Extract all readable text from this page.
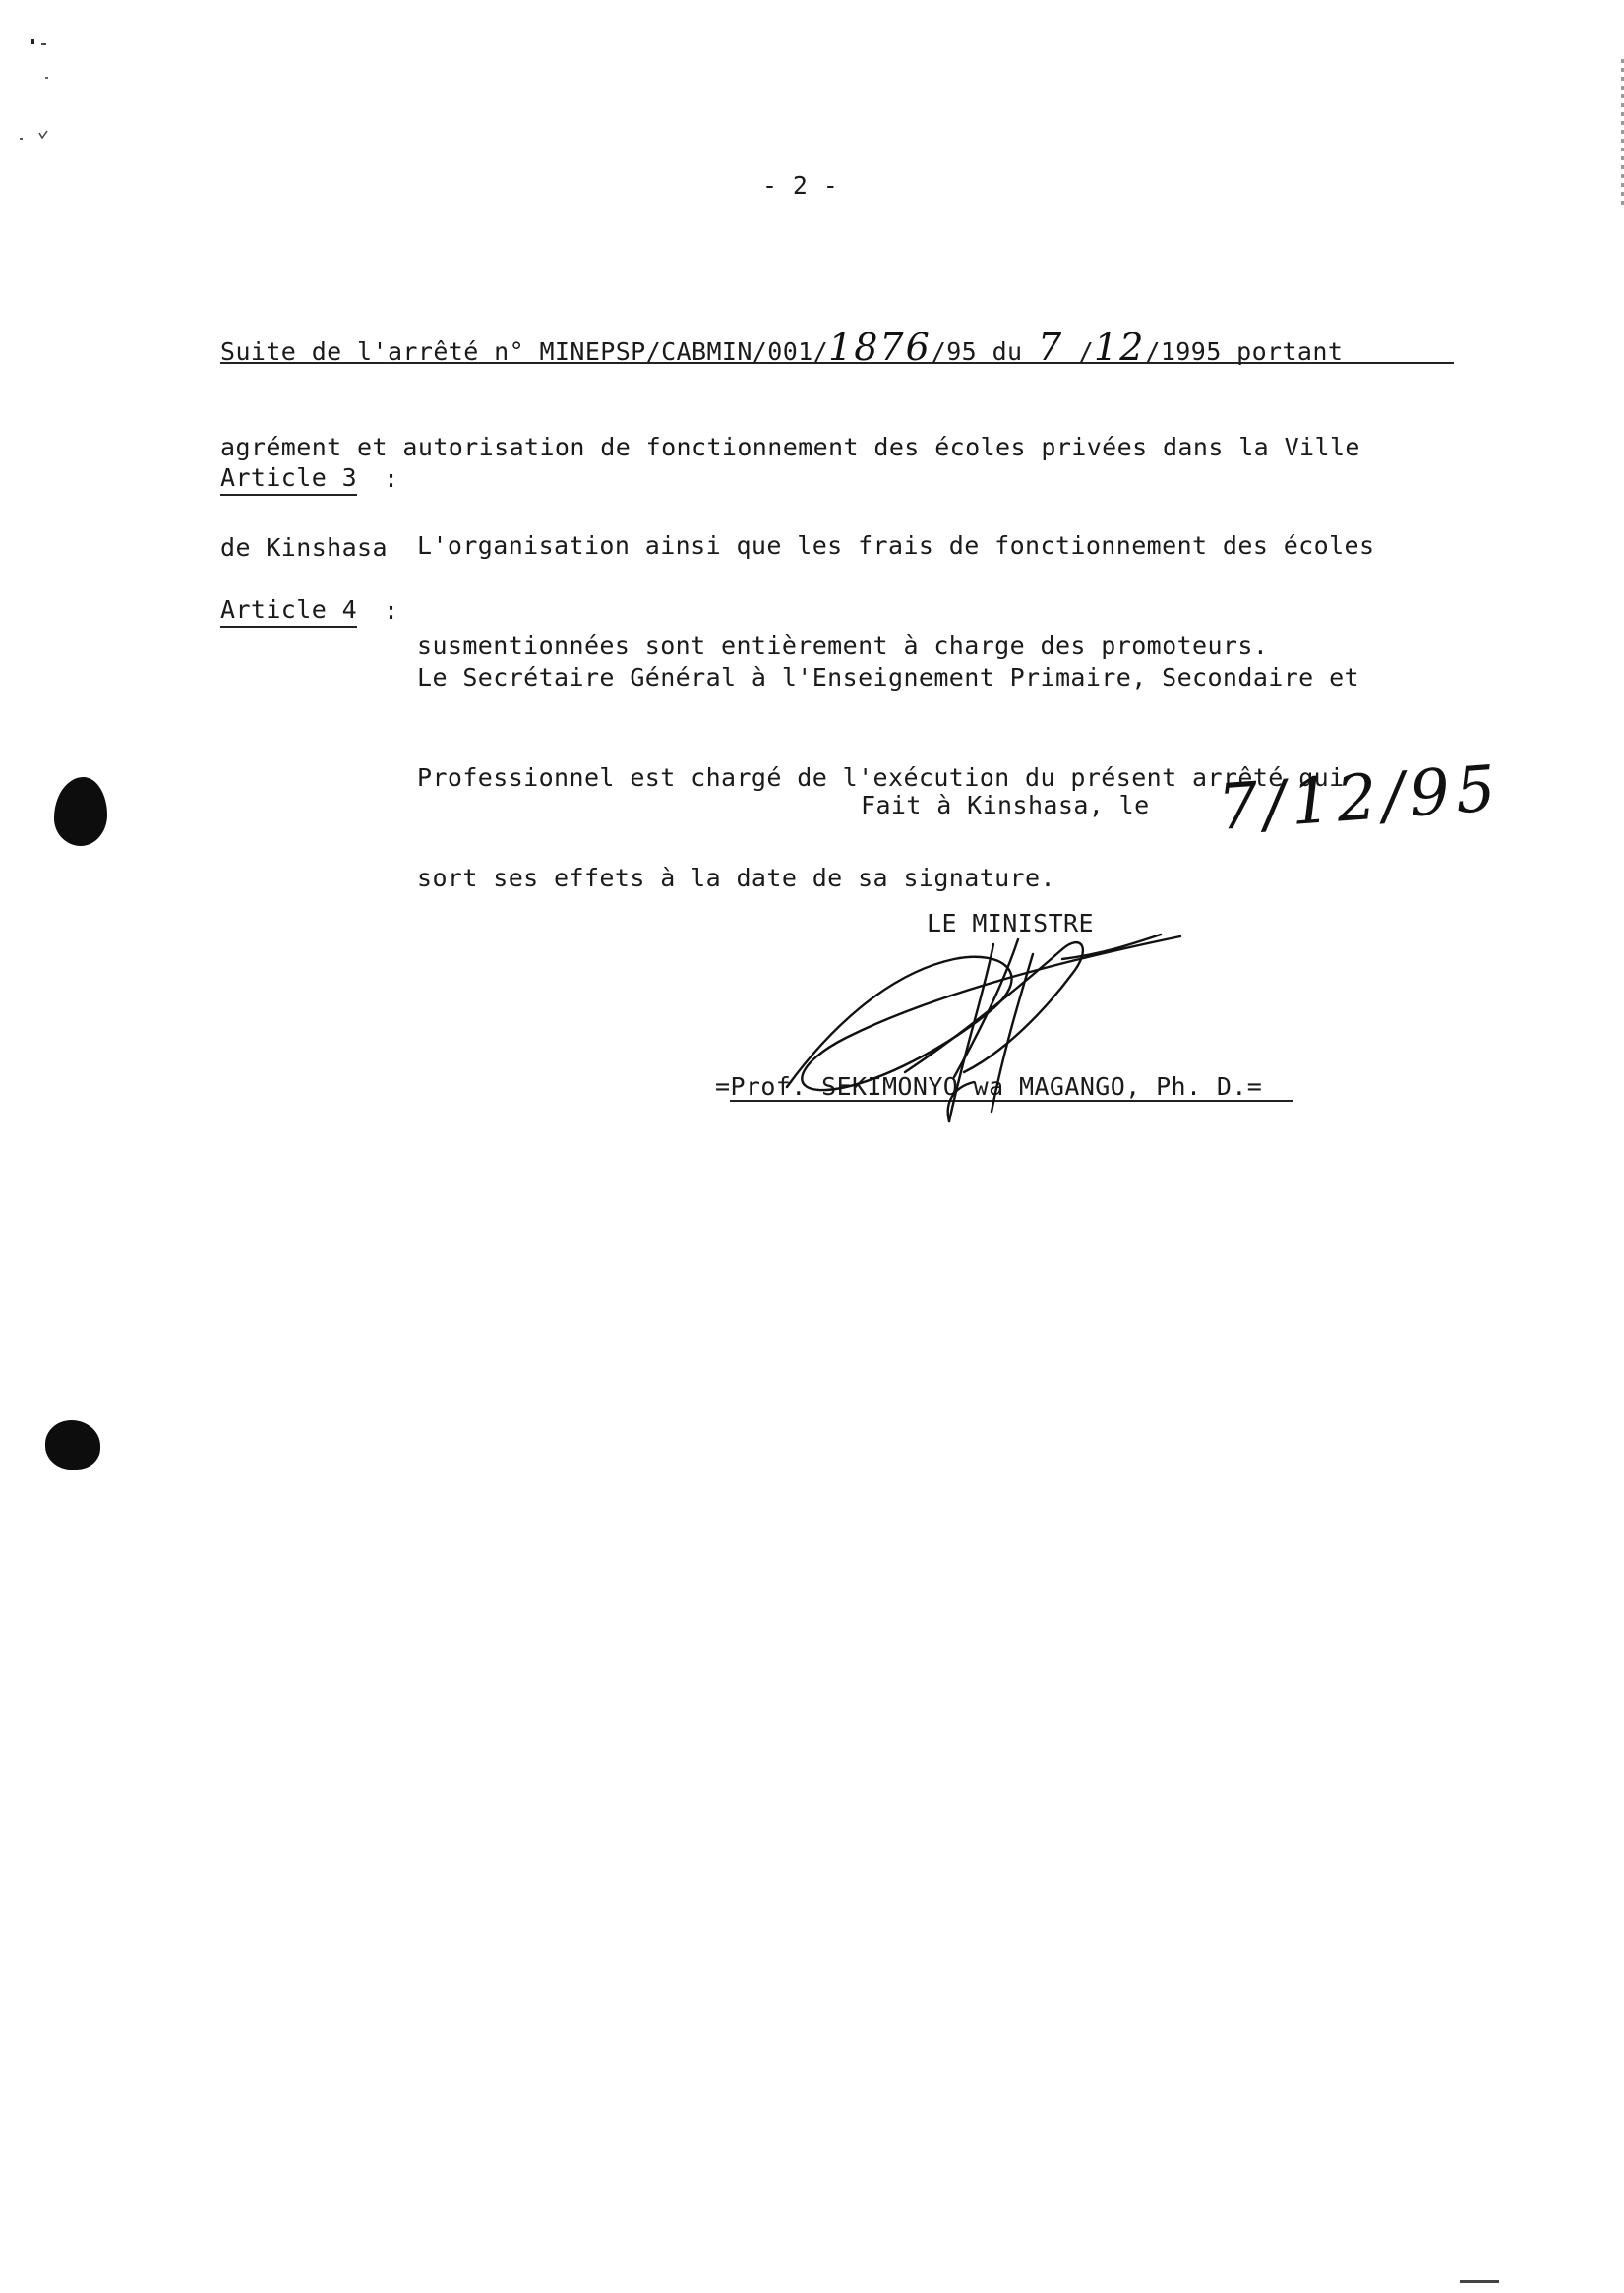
- 2 -

Suite de l'arrêté n° MINEPSP/CABMIN/001/1876/95 du 7 /12/1995 portant

agrément et autorisation de fonctionnement des écoles privées dans la Ville

de Kinshasa

Article 3

:

L'organisation ainsi que les frais de fonctionnement des écoles

susmentionnées sont entièrement à charge des promoteurs.

Article 4

:

Le Secrétaire Général à l'Enseignement Primaire, Secondaire et

Professionnel est chargé de l'exécution du présent arrêté qui

sort ses effets à la date de sa signature.

Fait à Kinshasa, le 7/12/95
LE MINISTRE
=Prof. SEKIMONYO wa MAGANGO, Ph. D.=
